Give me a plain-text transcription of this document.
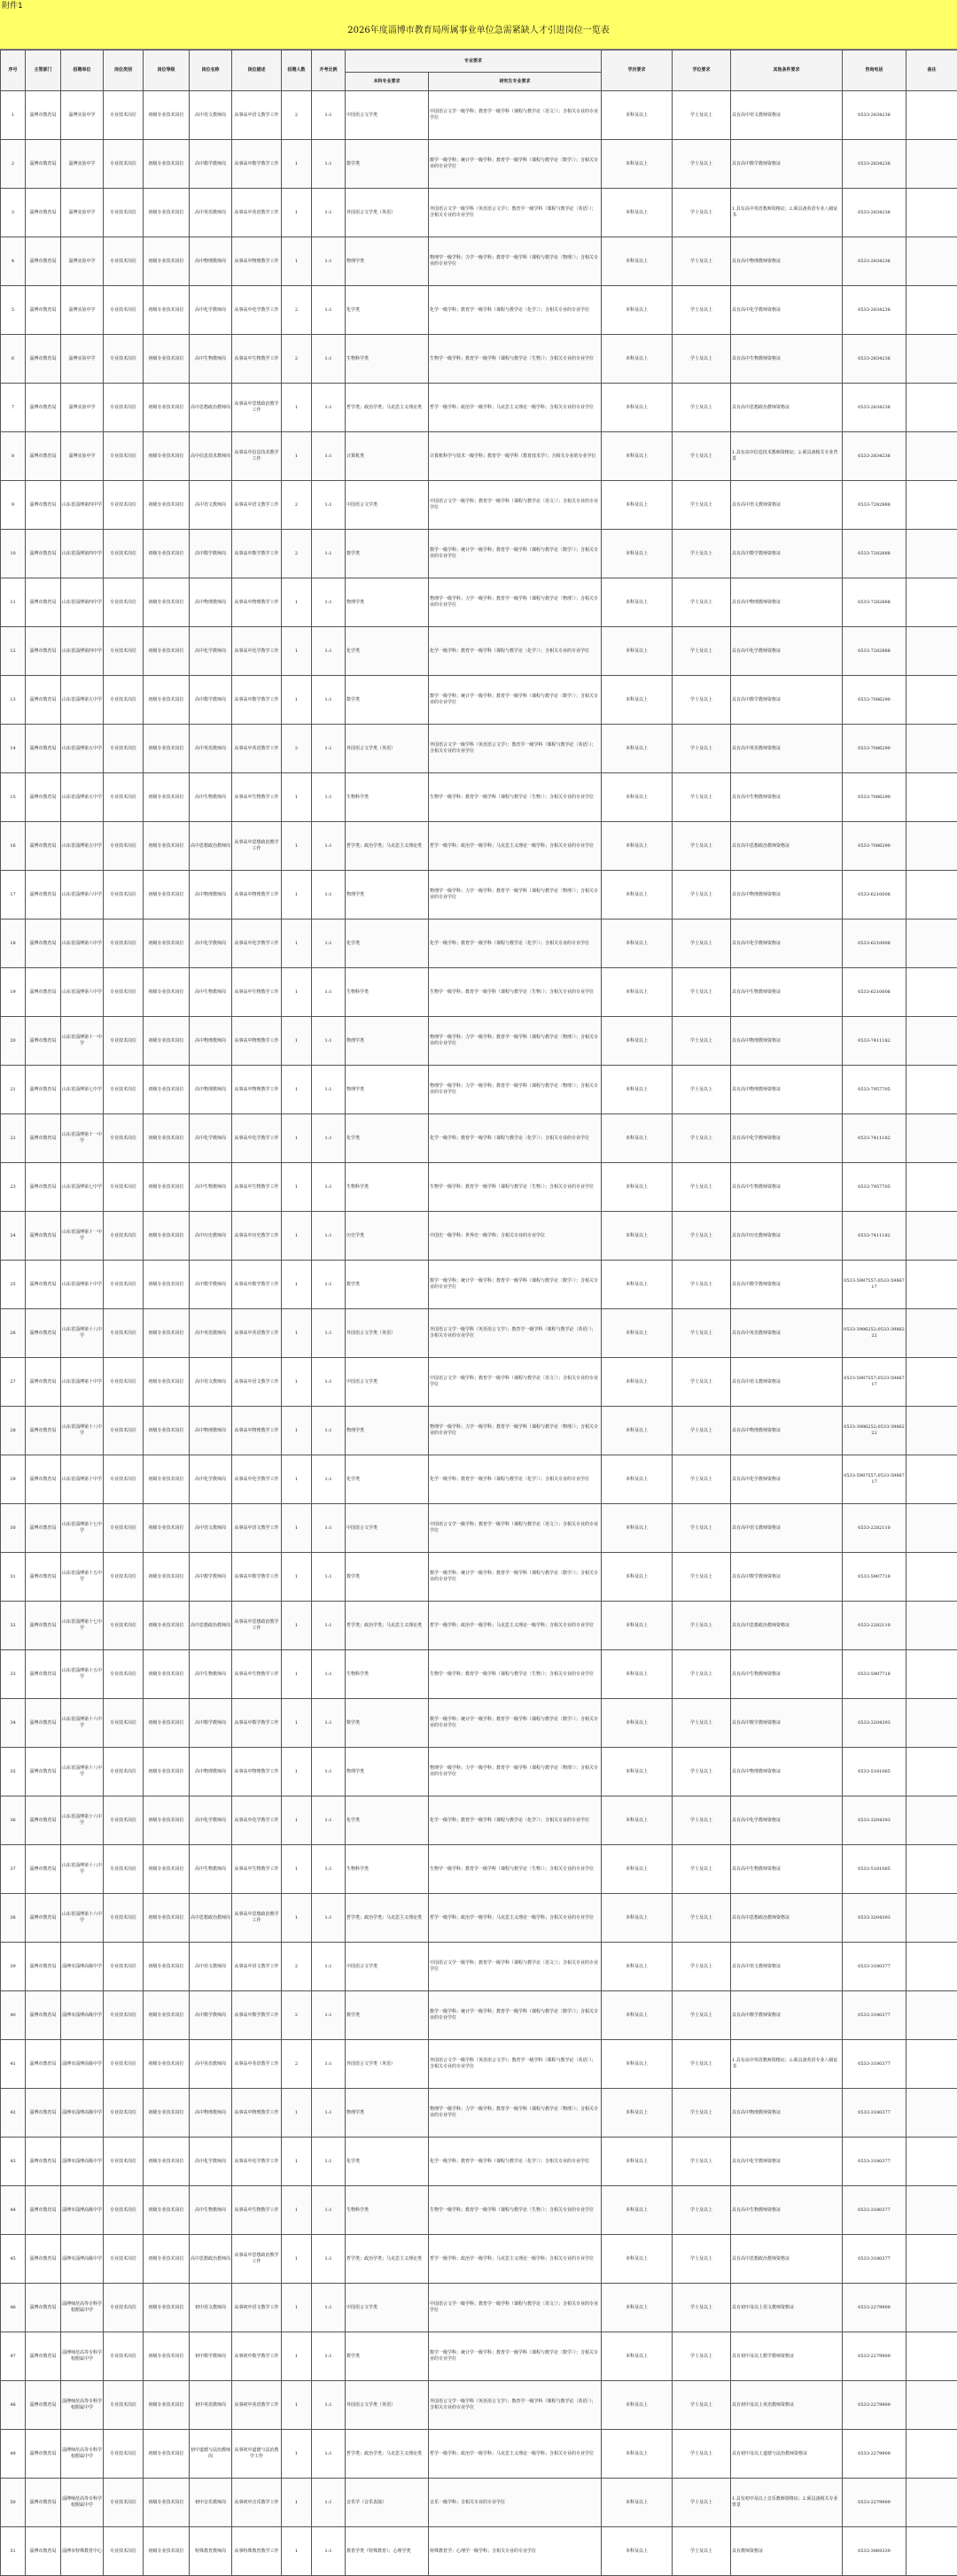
附件1
2026年度淄博市教育局所属事业单位急需紧缺人才引进岗位一览表
序号	主管部门	招聘单位	岗位类别	岗位等级	岗位名称	岗位描述	招聘人数	开考比例	专业要求		学历要求	学位要求	其他条件要求	咨询电话	备注
									本科专业要求	研究生专业要求					
1	淄博市教育局	淄博实验中学	专业技术岗位	初级专业技术岗位	高中语文教师岗	从事高中语文教学工作	2	1:1	中国语言文学类	中国语言文学一级学科；教育学一级学科（课程与教学论〔语文〕）；含相关专业的专业学位	本科及以上	学士及以上	具有高中语文教师资格证	0533-2834236	
2	淄博市教育局	淄博实验中学	专业技术岗位	初级专业技术岗位	高中数学教师岗	从事高中数学教学工作	1	1:1	数学类	数学一级学科；统计学一级学科；教育学一级学科（课程与教学论〔数学〕）；含相关专业的专业学位	本科及以上	学士及以上	具有高中数学教师资格证	0533-2834236	
3	淄博市教育局	淄博实验中学	专业技术岗位	初级专业技术岗位	高中英语教师岗	从事高中英语教学工作	1	1:1	外国语言文学类（英语）	外国语言文学一级学科（英语语言文学）；教育学一级学科（课程与教学论〔英语〕）；含相关专业的专业学位	本科及以上	学士及以上	1.具有高中英语教师资格证；2.须具备英语专业八级证书	0533-2834236	
4	淄博市教育局	淄博实验中学	专业技术岗位	初级专业技术岗位	高中物理教师岗	从事高中物理教学工作	1	1:1	物理学类	物理学一级学科；力学一级学科；教育学一级学科（课程与教学论〔物理〕）；含相关专业的专业学位	本科及以上	学士及以上	具有高中物理教师资格证	0533-2834236	
5	淄博市教育局	淄博实验中学	专业技术岗位	初级专业技术岗位	高中化学教师岗	从事高中化学教学工作	2	1:1	化学类	化学一级学科；教育学一级学科（课程与教学论〔化学〕）；含相关专业的专业学位	本科及以上	学士及以上	具有高中化学教师资格证	0533-2834236	
6	淄博市教育局	淄博实验中学	专业技术岗位	初级专业技术岗位	高中生物教师岗	从事高中生物教学工作	2	1:1	生物科学类	生物学一级学科；教育学一级学科（课程与教学论〔生物〕）；含相关专业的专业学位	本科及以上	学士及以上	具有高中生物教师资格证	0533-2834236	
7	淄博市教育局	淄博实验中学	专业技术岗位	初级专业技术岗位	高中思想政治教师岗	从事高中思想政治教学工作	1	1:1	哲学类；政治学类；马克思主义理论类	哲学一级学科；政治学一级学科；马克思主义理论一级学科；含相关专业的专业学位	本科及以上	学士及以上	具有高中思想政治教师资格证	0533-2834236	
8	淄博市教育局	淄博实验中学	专业技术岗位	初级专业技术岗位	高中信息技术教师岗	从事高中信息技术教学工作	1	1:1	计算机类	计算机科学与技术一级学科；教育学一级学科（教育技术学）；含相关专业的专业学位	本科及以上	学士及以上	1.具有高中信息技术教师资格证；2.须具备相关专业背景	0533-2834236	
9	淄博市教育局	山东省淄博第四中学	专业技术岗位	初级专业技术岗位	高中语文教师岗	从事高中语文教学工作	2	1:1	中国语言文学类	中国语言文学一级学科；教育学一级学科（课程与教学论〔语文〕）；含相关专业的专业学位	本科及以上	学士及以上	具有高中语文教师资格证	0533-7282888	
10	淄博市教育局	山东省淄博第四中学	专业技术岗位	初级专业技术岗位	高中数学教师岗	从事高中数学教学工作	2	1:1	数学类	数学一级学科；统计学一级学科；教育学一级学科（课程与教学论〔数学〕）；含相关专业的专业学位	本科及以上	学士及以上	具有高中数学教师资格证	0533-7282888	
11	淄博市教育局	山东省淄博第四中学	专业技术岗位	初级专业技术岗位	高中物理教师岗	从事高中物理教学工作	1	1:1	物理学类	物理学一级学科；力学一级学科；教育学一级学科（课程与教学论〔物理〕）；含相关专业的专业学位	本科及以上	学士及以上	具有高中物理教师资格证	0533-7282888	
12	淄博市教育局	山东省淄博第四中学	专业技术岗位	初级专业技术岗位	高中化学教师岗	从事高中化学教学工作	1	1:1	化学类	化学一级学科；教育学一级学科（课程与教学论〔化学〕）；含相关专业的专业学位	本科及以上	学士及以上	具有高中化学教师资格证	0533-7282888	
13	淄博市教育局	山东省淄博第五中学	专业技术岗位	初级专业技术岗位	高中数学教师岗	从事高中数学教学工作	1	1:1	数学类	数学一级学科；统计学一级学科；教育学一级学科（课程与教学论〔数学〕）；含相关专业的专业学位	本科及以上	学士及以上	具有高中数学教师资格证	0533-7086290	
14	淄博市教育局	山东省淄博第五中学	专业技术岗位	初级专业技术岗位	高中英语教师岗	从事高中英语教学工作	2	1:1	外国语言文学类（英语）	外国语言文学一级学科（英语语言文学）；教育学一级学科（课程与教学论〔英语〕）；含相关专业的专业学位	本科及以上	学士及以上	具有高中英语教师资格证	0533-7086290	
15	淄博市教育局	山东省淄博第五中学	专业技术岗位	初级专业技术岗位	高中生物教师岗	从事高中生物教学工作	1	1:1	生物科学类	生物学一级学科；教育学一级学科（课程与教学论〔生物〕）；含相关专业的专业学位	本科及以上	学士及以上	具有高中生物教师资格证	0533-7086290	
16	淄博市教育局	山东省淄博第五中学	专业技术岗位	初级专业技术岗位	高中思想政治教师岗	从事高中思想政治教学工作	1	1:1	哲学类；政治学类；马克思主义理论类	哲学一级学科；政治学一级学科；马克思主义理论一级学科；含相关专业的专业学位	本科及以上	学士及以上	具有高中思想政治教师资格证	0533-7086290	
17	淄博市教育局	山东省淄博第六中学	专业技术岗位	初级专业技术岗位	高中物理教师岗	从事高中物理教学工作	1	1:1	物理学类	物理学一级学科；力学一级学科；教育学一级学科（课程与教学论〔物理〕）；含相关专业的专业学位	本科及以上	学士及以上	具有高中物理教师资格证	0533-6210006	
18	淄博市教育局	山东省淄博第六中学	专业技术岗位	初级专业技术岗位	高中化学教师岗	从事高中化学教学工作	1	1:1	化学类	化学一级学科；教育学一级学科（课程与教学论〔化学〕）；含相关专业的专业学位	本科及以上	学士及以上	具有高中化学教师资格证	0533-6210006	
19	淄博市教育局	山东省淄博第六中学	专业技术岗位	初级专业技术岗位	高中生物教师岗	从事高中生物教学工作	1	1:1	生物科学类	生物学一级学科；教育学一级学科（课程与教学论〔生物〕）；含相关专业的专业学位	本科及以上	学士及以上	具有高中生物教师资格证	0533-6210006	
20	淄博市教育局	山东省淄博第十一中学	专业技术岗位	初级专业技术岗位	高中物理教师岗	从事高中物理教学工作	1	1:1	物理学类	物理学一级学科；力学一级学科；教育学一级学科（课程与教学论〔物理〕）；含相关专业的专业学位	本科及以上	学士及以上	具有高中物理教师资格证	0533-7411182	
21	淄博市教育局	山东省淄博第七中学	专业技术岗位	初级专业技术岗位	高中物理教师岗	从事高中物理教学工作	1	1:1	物理学类	物理学一级学科；力学一级学科；教育学一级学科（课程与教学论〔物理〕）；含相关专业的专业学位	本科及以上	学士及以上	具有高中物理教师资格证	0533-7957705	
22	淄博市教育局	山东省淄博第十一中学	专业技术岗位	初级专业技术岗位	高中化学教师岗	从事高中化学教学工作	1	1:1	化学类	化学一级学科；教育学一级学科（课程与教学论〔化学〕）；含相关专业的专业学位	本科及以上	学士及以上	具有高中化学教师资格证	0533-7411182	
23	淄博市教育局	山东省淄博第七中学	专业技术岗位	初级专业技术岗位	高中生物教师岗	从事高中生物教学工作	1	1:1	生物科学类	生物学一级学科；教育学一级学科（课程与教学论〔生物〕）；含相关专业的专业学位	本科及以上	学士及以上	具有高中生物教师资格证	0533-7957705	
24	淄博市教育局	山东省淄博第十一中学	专业技术岗位	初级专业技术岗位	高中历史教师岗	从事高中历史教学工作	1	1:1	历史学类	中国史一级学科；世界史一级学科；含相关专业的专业学位	本科及以上	学士及以上	具有高中历史教师资格证	0533-7411182	
25	淄博市教育局	山东省淄博第十中学	专业技术岗位	初级专业技术岗位	高中数学教师岗	从事高中数学教学工作	1	1:1	数学类	数学一级学科；统计学一级学科；教育学一级学科（课程与教学论〔数学〕）；含相关专业的专业学位	本科及以上	学士及以上	具有高中数学教师资格证	0533-5987557;0533-5986717	
26	淄博市教育局	山东省淄博第十八中学	专业技术岗位	初级专业技术岗位	高中英语教师岗	从事高中英语教学工作	1	1:1	外国语言文学类（英语）	外国语言文学一级学科（英语语言文学）；教育学一级学科（课程与教学论〔英语〕）；含相关专业的专业学位	本科及以上	学士及以上	具有高中英语教师资格证	0533-3986252;0533-3986222	
27	淄博市教育局	山东省淄博第十中学	专业技术岗位	初级专业技术岗位	高中语文教师岗	从事高中语文教学工作	1	1:1	中国语言文学类	中国语言文学一级学科；教育学一级学科（课程与教学论〔语文〕）；含相关专业的专业学位	本科及以上	学士及以上	具有高中语文教师资格证	0533-5987557;0533-5986717	
28	淄博市教育局	山东省淄博第十八中学	专业技术岗位	初级专业技术岗位	高中物理教师岗	从事高中物理教学工作	1	1:1	物理学类	物理学一级学科；力学一级学科；教育学一级学科（课程与教学论〔物理〕）；含相关专业的专业学位	本科及以上	学士及以上	具有高中物理教师资格证	0533-3986252;0533-3986222	
29	淄博市教育局	山东省淄博第十中学	专业技术岗位	初级专业技术岗位	高中化学教师岗	从事高中化学教学工作	1	1:1	化学类	化学一级学科；教育学一级学科（课程与教学论〔化学〕）；含相关专业的专业学位	本科及以上	学士及以上	具有高中化学教师资格证	0533-5987557;0533-5986717	
30	淄博市教育局	山东省淄博第十七中学	专业技术岗位	初级专业技术岗位	高中语文教师岗	从事高中语文教学工作	1	1:1	中国语言文学类	中国语言文学一级学科；教育学一级学科（课程与教学论〔语文〕）；含相关专业的专业学位	本科及以上	学士及以上	具有高中语文教师资格证	0533-2282110	
31	淄博市教育局	山东省淄博第十五中学	专业技术岗位	初级专业技术岗位	高中数学教师岗	从事高中数学教学工作	1	1:1	数学类	数学一级学科；统计学一级学科；教育学一级学科（课程与教学论〔数学〕）；含相关专业的专业学位	本科及以上	学士及以上	具有高中数学教师资格证	0533-5907718	
32	淄博市教育局	山东省淄博第十七中学	专业技术岗位	初级专业技术岗位	高中思想政治教师岗	从事高中思想政治教学工作	1	1:1	哲学类；政治学类；马克思主义理论类	哲学一级学科；政治学一级学科；马克思主义理论一级学科；含相关专业的专业学位	本科及以上	学士及以上	具有高中思想政治教师资格证	0533-2282110	
33	淄博市教育局	山东省淄博第十五中学	专业技术岗位	初级专业技术岗位	高中生物教师岗	从事高中生物教学工作	1	1:1	生物科学类	生物学一级学科；教育学一级学科（课程与教学论〔生物〕）；含相关专业的专业学位	本科及以上	学士及以上	具有高中生物教师资格证	0533-5907718	
34	淄博市教育局	山东省淄博第十六中学	专业技术岗位	初级专业技术岗位	高中数学教师岗	从事高中数学教学工作	1	1:1	数学类	数学一级学科；统计学一级学科；教育学一级学科（课程与教学论〔数学〕）；含相关专业的专业学位	本科及以上	学士及以上	具有高中数学教师资格证	0533-3204393	
35	淄博市教育局	山东省淄博第十八中学	专业技术岗位	初级专业技术岗位	高中物理教师岗	从事高中物理教学工作	1	1:1	物理学类	物理学一级学科；力学一级学科；教育学一级学科（课程与教学论〔物理〕）；含相关专业的专业学位	本科及以上	学士及以上	具有高中物理教师资格证	0533-5181065	
36	淄博市教育局	山东省淄博第十六中学	专业技术岗位	初级专业技术岗位	高中化学教师岗	从事高中化学教学工作	1	1:1	化学类	化学一级学科；教育学一级学科（课程与教学论〔化学〕）；含相关专业的专业学位	本科及以上	学士及以上	具有高中化学教师资格证	0533-3204393	
37	淄博市教育局	山东省淄博第十八中学	专业技术岗位	初级专业技术岗位	高中生物教师岗	从事高中生物教学工作	1	1:1	生物科学类	生物学一级学科；教育学一级学科（课程与教学论〔生物〕）；含相关专业的专业学位	本科及以上	学士及以上	具有高中生物教师资格证	0533-5181065	
38	淄博市教育局	山东省淄博第十六中学	专业技术岗位	初级专业技术岗位	高中思想政治教师岗	从事高中思想政治教学工作	1	1:1	哲学类；政治学类；马克思主义理论类	哲学一级学科；政治学一级学科；马克思主义理论一级学科；含相关专业的专业学位	本科及以上	学士及以上	具有高中思想政治教师资格证	0533-3204393	
39	淄博市教育局	淄博市淄博高级中学	专业技术岗位	初级专业技术岗位	高中语文教师岗	从事高中语文教学工作	2	1:1	中国语言文学类	中国语言文学一级学科；教育学一级学科（课程与教学论〔语文〕）；含相关专业的专业学位	本科及以上	学士及以上	具有高中语文教师资格证	0533-3180377	
40	淄博市教育局	淄博市淄博高级中学	专业技术岗位	初级专业技术岗位	高中数学教师岗	从事高中数学教学工作	2	1:1	数学类	数学一级学科；统计学一级学科；教育学一级学科（课程与教学论〔数学〕）；含相关专业的专业学位	本科及以上	学士及以上	具有高中数学教师资格证	0533-3180377	
41	淄博市教育局	淄博市淄博高级中学	专业技术岗位	初级专业技术岗位	高中英语教师岗	从事高中英语教学工作	2	1:1	外国语言文学类（英语）	外国语言文学一级学科（英语语言文学）；教育学一级学科（课程与教学论〔英语〕）；含相关专业的专业学位	本科及以上	学士及以上	1.具有高中英语教师资格证；2.须具备英语专业八级证书	0533-3180377	
42	淄博市教育局	淄博市淄博高级中学	专业技术岗位	初级专业技术岗位	高中物理教师岗	从事高中物理教学工作	1	1:1	物理学类	物理学一级学科；力学一级学科；教育学一级学科（课程与教学论〔物理〕）；含相关专业的专业学位	本科及以上	学士及以上	具有高中物理教师资格证	0533-3180377	
43	淄博市教育局	淄博市淄博高级中学	专业技术岗位	初级专业技术岗位	高中化学教师岗	从事高中化学教学工作	1	1:1	化学类	化学一级学科；教育学一级学科（课程与教学论〔化学〕）；含相关专业的专业学位	本科及以上	学士及以上	具有高中化学教师资格证	0533-3180377	
44	淄博市教育局	淄博市淄博高级中学	专业技术岗位	初级专业技术岗位	高中生物教师岗	从事高中生物教学工作	1	1:1	生物科学类	生物学一级学科；教育学一级学科（课程与教学论〔生物〕）；含相关专业的专业学位	本科及以上	学士及以上	具有高中生物教师资格证	0533-3180377	
45	淄博市教育局	淄博市淄博高级中学	专业技术岗位	初级专业技术岗位	高中思想政治教师岗	从事高中思想政治教学工作	1	1:1	哲学类；政治学类；马克思主义理论类	哲学一级学科；政治学一级学科；马克思主义理论一级学科；含相关专业的专业学位	本科及以上	学士及以上	具有高中思想政治教师资格证	0533-3180377	
46	淄博市教育局	淄博师范高等专科学校附属中学	专业技术岗位	初级专业技术岗位	初中语文教师岗	从事初中语文教学工作	1	1:1	中国语言文学类	中国语言文学一级学科；教育学一级学科（课程与教学论〔语文〕）；含相关专业的专业学位	本科及以上	学士及以上	具有初中及以上语文教师资格证	0533-2279909	
47	淄博市教育局	淄博师范高等专科学校附属中学	专业技术岗位	初级专业技术岗位	初中数学教师岗	从事初中数学教学工作	1	1:1	数学类	数学一级学科；统计学一级学科；教育学一级学科（课程与教学论〔数学〕）；含相关专业的专业学位	本科及以上	学士及以上	具有初中及以上数学教师资格证	0533-2279909	
48	淄博市教育局	淄博师范高等专科学校附属中学	专业技术岗位	初级专业技术岗位	初中英语教师岗	从事初中英语教学工作	1	1:1	外国语言文学类（英语）	外国语言文学一级学科（英语语言文学）；教育学一级学科（课程与教学论〔英语〕）；含相关专业的专业学位	本科及以上	学士及以上	具有初中及以上英语教师资格证	0533-2279909	
49	淄博市教育局	淄博师范高等专科学校附属中学	专业技术岗位	初级专业技术岗位	初中道德与法治教师岗	从事初中道德与法治教学工作	1	1:1	哲学类；政治学类；马克思主义理论类	哲学一级学科；政治学一级学科；马克思主义理论一级学科；含相关专业的专业学位	本科及以上	学士及以上	具有初中及以上道德与法治教师资格证	0533-2279909	
50	淄博市教育局	淄博师范高等专科学校附属中学	专业技术岗位	初级专业技术岗位	初中音乐教师岗	从事初中音乐教学工作	1	1:1	音乐学（音乐表演）	音乐一级学科；含相关专业的专业学位	本科及以上	学士及以上	1.具有初中及以上音乐教师资格证；2.须具备相关专业背景	0533-2279909	
51	淄博市教育局	淄博市特殊教育中心	专业技术岗位	初级专业技术岗位	特殊教育教师岗	从事特殊教育教学工作	1	1:1	教育学类（特殊教育）；心理学类	特殊教育学；心理学一级学科；含相关专业的专业学位	本科及以上	学士及以上	具有教师资格证	0533-3969339	
